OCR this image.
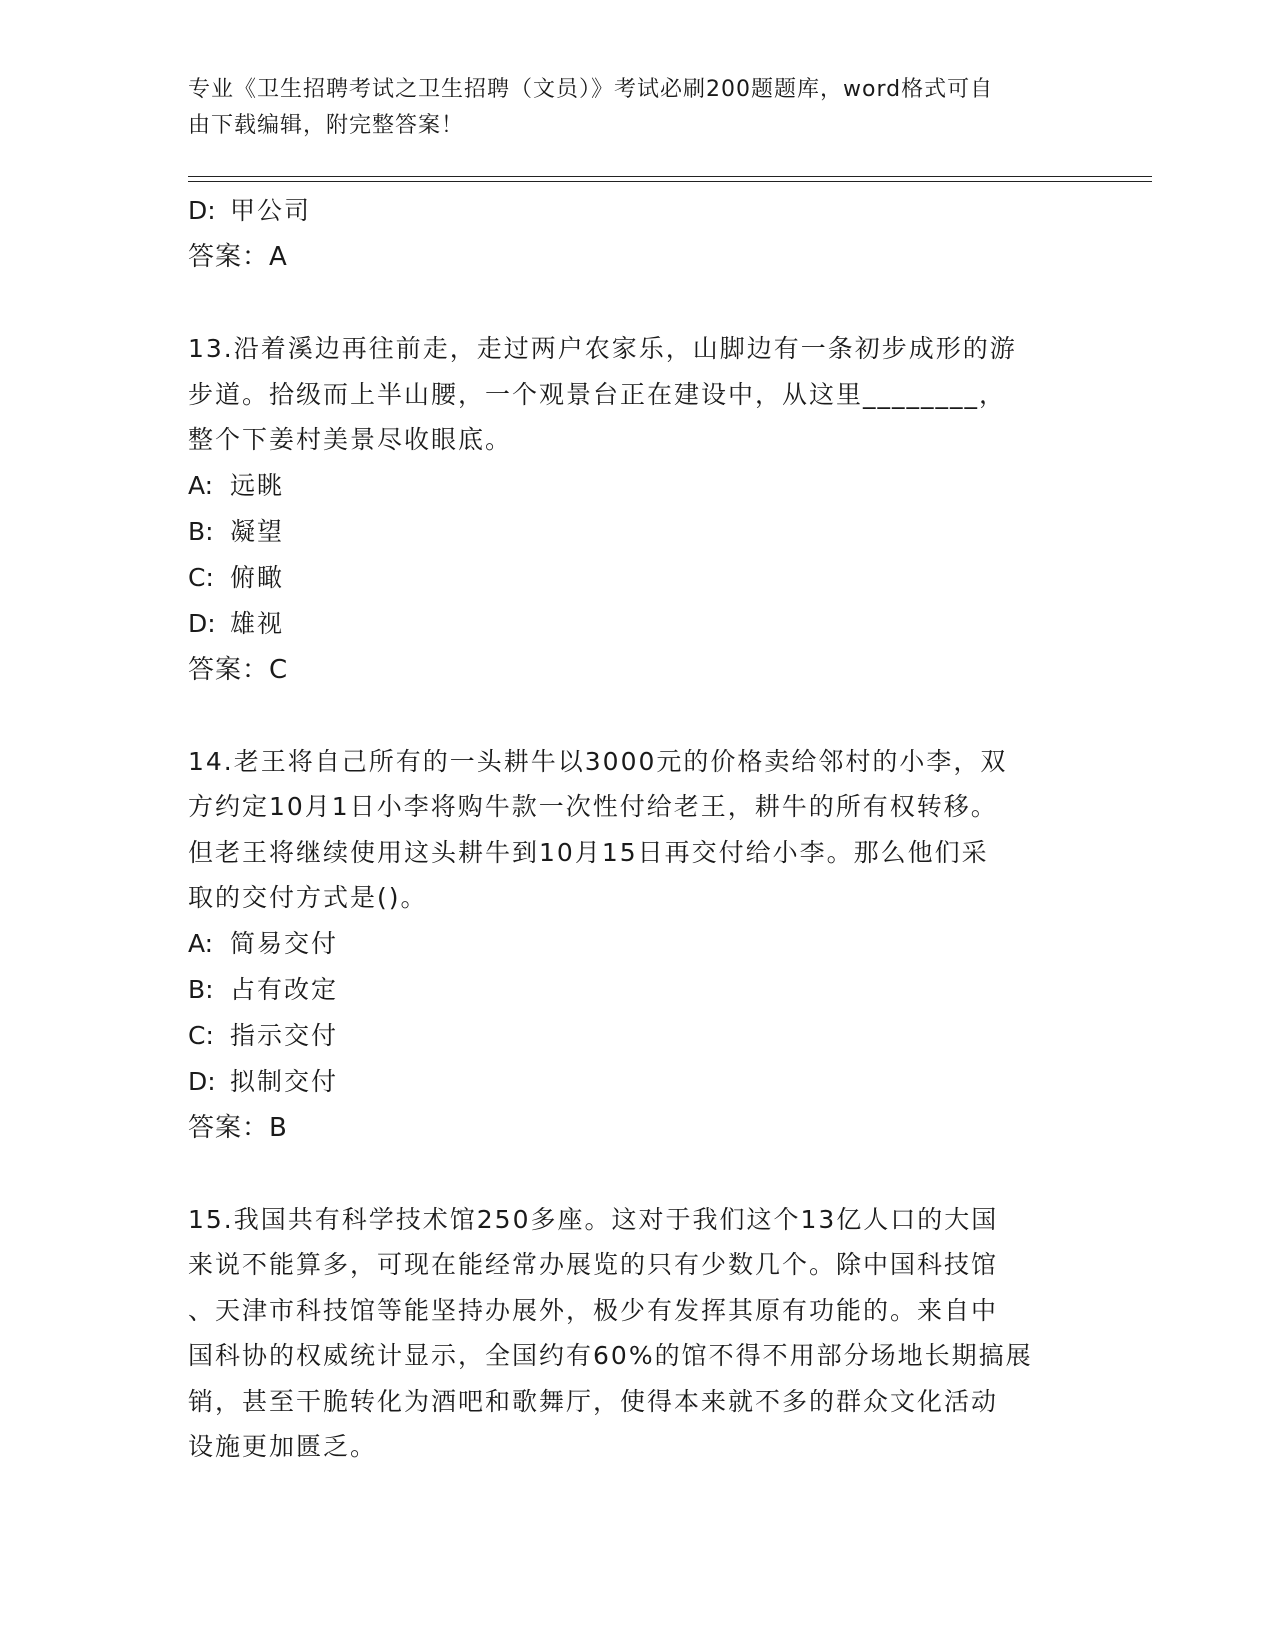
专业《卫生招聘考试之卫生招聘（文员）》考试必刷200题题库，word格式可自
由下载编辑，附完整答案！
D: 甲公司
答案：A
13.沿着溪边再往前走，走过两户农家乐，山脚边有一条初步成形的游
步道。拾级而上半山腰，一个观景台正在建设中，从这里________，
整个下姜村美景尽收眼底。
A: 远眺
B: 凝望
C: 俯瞰
D: 雄视
答案：C
14.老王将自己所有的一头耕牛以3000元的价格卖给邻村的小李，双
方约定10月1日小李将购牛款一次性付给老王，耕牛的所有权转移。
但老王将继续使用这头耕牛到10月15日再交付给小李。那么他们采
取的交付方式是()。
A: 简易交付
B: 占有改定
C: 指示交付
D: 拟制交付
答案：B
15.我国共有科学技术馆250多座。这对于我们这个13亿人口的大国
来说不能算多，可现在能经常办展览的只有少数几个。除中国科技馆
、天津市科技馆等能坚持办展外，极少有发挥其原有功能的。来自中
国科协的权威统计显示，全国约有60%的馆不得不用部分场地长期搞展
销，甚至干脆转化为酒吧和歌舞厅，使得本来就不多的群众文化活动
设施更加匮乏。
